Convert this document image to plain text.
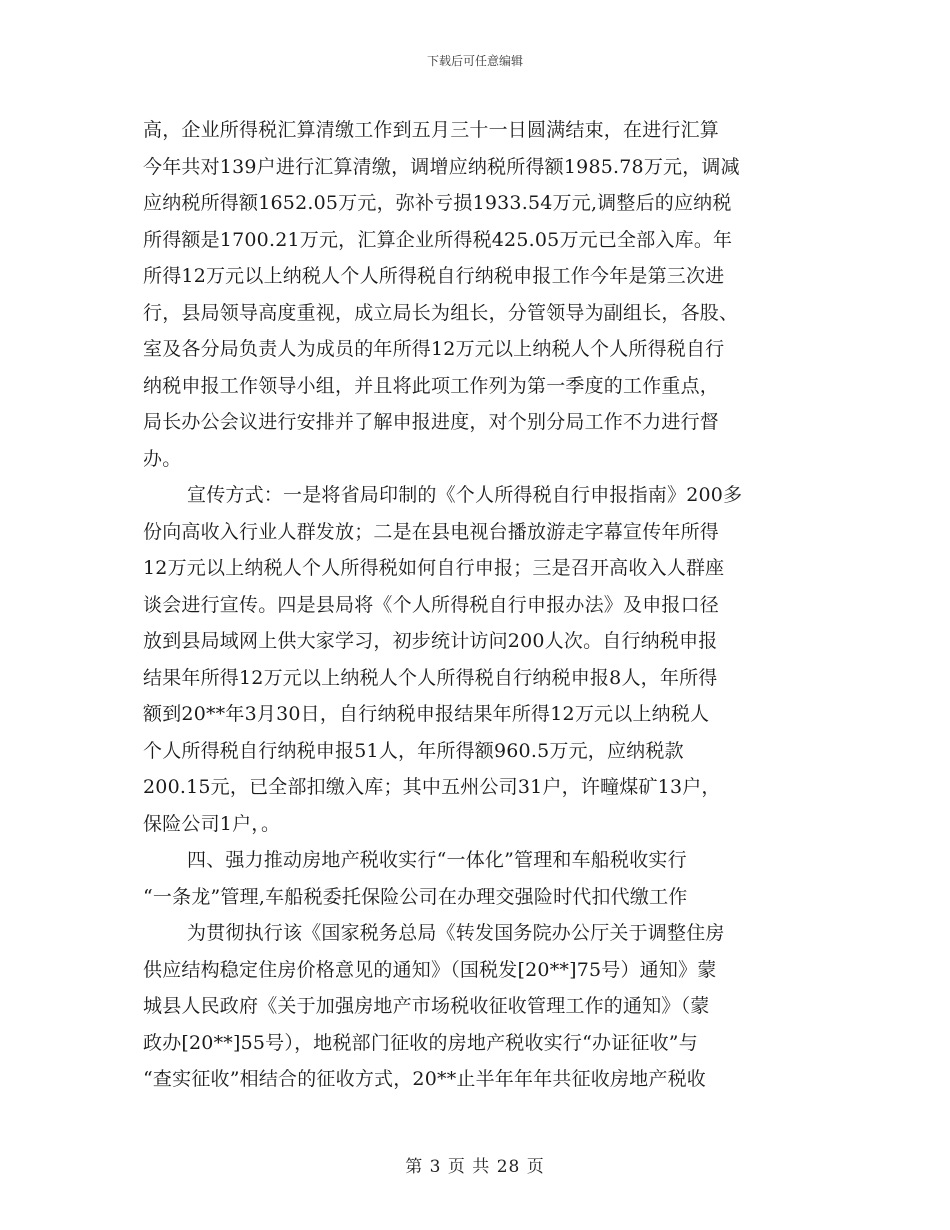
下载后可任意编辑
高，企业所得税汇算清缴工作到五月三十一日圆满结束，在进行汇算
今年共对139户进行汇算清缴，调增应纳税所得额1985.78万元，调减
应纳税所得额1652.05万元，弥补亏损1933.54万元,调整后的应纳税
所得额是1700.21万元，汇算企业所得税425.05万元已全部入库。年
所得12万元以上纳税人个人所得税自行纳税申报工作今年是第三次进
行，县局领导高度重视，成立局长为组长，分管领导为副组长，各股、
室及各分局负责人为成员的年所得12万元以上纳税人个人所得税自行
纳税申报工作领导小组，并且将此项工作列为第一季度的工作重点，
局长办公会议进行安排并了解申报进度，对个别分局工作不力进行督
办。
宣传方式：一是将省局印制的《个人所得税自行申报指南》200多
份向高收入行业人群发放；二是在县电视台播放游走字幕宣传年所得
12万元以上纳税人个人所得税如何自行申报；三是召开高收入人群座
谈会进行宣传。四是县局将《个人所得税自行申报办法》及申报口径
放到县局域网上供大家学习，初步统计访问200人次。自行纳税申报
结果年所得12万元以上纳税人个人所得税自行纳税申报8人，年所得
额到20**年3月30日，自行纳税申报结果年所得12万元以上纳税人
个人所得税自行纳税申报51人，年所得额960.5万元，应纳税款
200.15元，已全部扣缴入库；其中五州公司31户，许疃煤矿13户，
保险公司1户，。
四、强力推动房地产税收实行“一体化”管理和车船税收实行
“一条龙”管理,车船税委托保险公司在办理交强险时代扣代缴工作
为贯彻执行该《国家税务总局《转发国务院办公厅关于调整住房
供应结构稳定住房价格意见的通知》（国税发[20**]75号）通知》蒙
城县人民政府《关于加强房地产市场税收征收管理工作的通知》（蒙
政办[20**]55号），地税部门征收的房地产税收实行“办证征收”与
“查实征收”相结合的征收方式，20**止半年年年共征收房地产税收
第 3 页 共 28 页
